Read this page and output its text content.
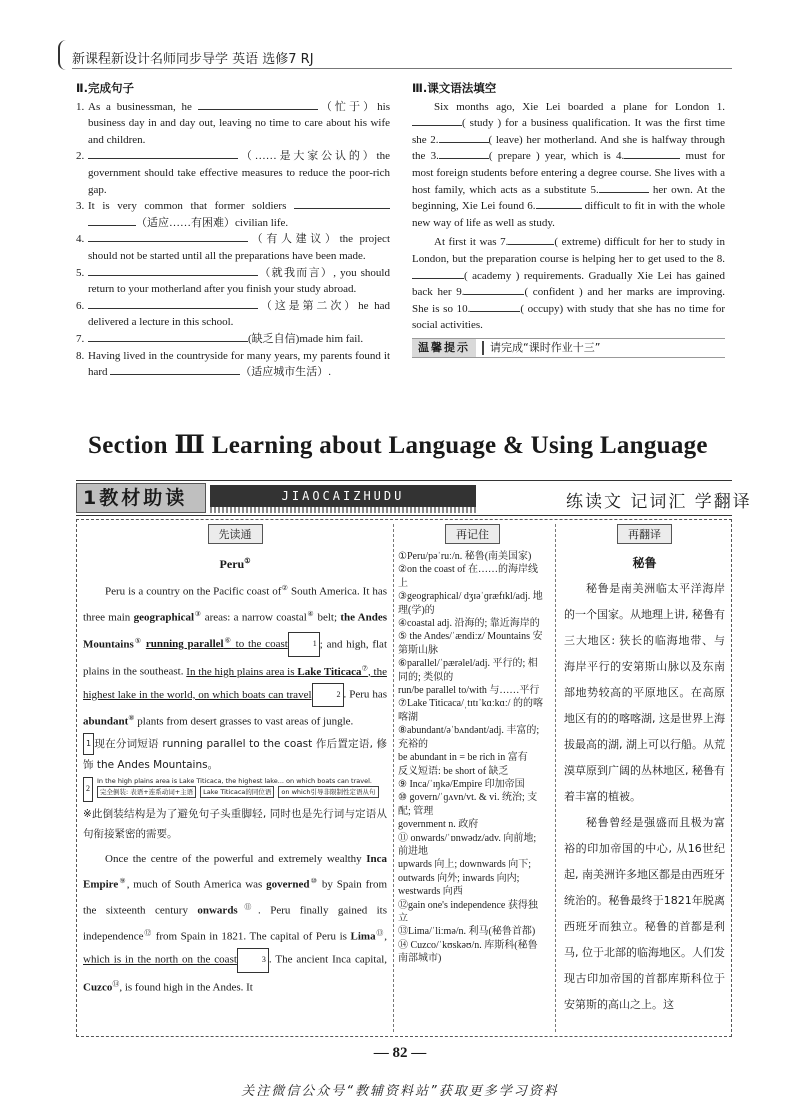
新课程新设计名师同步导学 英语 选修7 RJ
Ⅱ.完成句子
1. As a businessman, he	（忙于）his business day in and day out, leaving no time to care about his wife and children.
2.	（……是大家公认的）the government should take effective measures to reduce the poor-rich gap.
3. It is very common that former soldiers  （适应……有困难）civilian life.
4.	（有人建议）the project should not be started until all the preparations have been made.
5.	（就我而言）, you should return to your motherland after you finish your study abroad.
6.	（这是第二次）he had delivered a lecture in this school.
7.	(缺乏自信)made him fail.
8. Having lived in the countryside for many years, my parents found it hard	（适应城市生活）.
Ⅲ.课文语法填空

Six months ago, Xie Lei boarded a plane for London 1.( study ) for a business qualification. It was the first time she 2.	( leave) her motherland. And she is halfway through the 3.	( prepare ) year, which is 4.	must for most foreign students before entering a degree course. She lives with a host family, which acts as a substitute 5.	her own. At the beginning, Xie Lei found 6.	difficult to fit in with the whole new way of life as well as study.

At first it was 7.	( extreme) difficult for her to study in London, but the preparation course is helping her to get used to the 8.( academy ) requirements. Gradually Xie Lei has gained back her 9.	( confident ) and her marks are improving. She is so 10.	( occupy) with study that she has no time for social activities.

温馨提示	请完成“课时作业十三”
Section Ⅲ Learning about Language & Using Language
1教材助读	JIAOCAIZHUDU	练读文 记词汇 学翻译
先读通

Peru①

Peru is a country on the Pacific coast of② South America. It has three main geographical③ areas: a narrow coastal④ belt; the Andes Mountains⑤ running parallel⑥ to the coast	1 ; and high, flat plains in the southeast. In the high plains area is Lake Titicaca⑦, the highest lake in the world, on which boats can travel	2 . Peru has abundant⑧ plants from desert grasses to vast areas of jungle.

1 现在分词短语 running parallel to the coast 作后置定语, 修饰 the Andes Mountains。
2
In the high plains area is Lake Titicaca, the highest lake... on which boats can travel.
完全倒装: 表语+连系动词+主语	Lake Titicaca的同位语	on which引导非限制性定语从句
※此倒装结构是为了避免句子头重脚轻, 同时也是先行词与定语从句衔接紧密的需要。

Once the centre of the powerful and extremely wealthy Inca Empire⑨, much of South America was governed⑩ by Spain from the sixteenth century onwards⑪. Peru finally gained its independence⑫ from Spain in 1821. The capital of Peru is Lima⑬, which is in the north on the coast	3 . The ancient Inca capital, Cuzco⑭, is found high in the Andes. It

再记住
①Peru/pəˈruː/n. 秘鲁(南美国家)
②on the coast of 在……的海岸线上
③geographical/ dʒɪəˈɡræfɪkl/adj. 地理(学)的
④coastal adj. 沿海的; 靠近海岸的
⑤ the Andes/ˈændiːz/ Mountains 安第斯山脉
⑥parallel/ˈpærəlel/adj. 平行的; 相同的; 类似的
run/be parallel to/with 与……平行
⑦Lake Titicaca/ˌtɪtɪˈkɑːkɑː/ 的的喀喀湖
⑧abundant/əˈbʌndənt/adj. 丰富的; 充裕的
be abundant in = be rich in 富有
反义短语: be short of 缺乏
⑨ Inca/ˈɪŋkə/Empire 印加帝国
⑩ govern/ˈɡʌvn/vt. & vi. 统治; 支配; 管理
government n. 政府
⑪ onwards/ˈɒnwədz/adv. 向前地; 前进地
upwards 向上; downwards 向下; outwards 向外; inwards 向内; westwards 向西
⑫gain one's independence 获得独立
⑬Lima/ˈliːmə/n. 利马(秘鲁首都)
⑭ Cuzco/ˈkʊskəʊ/n. 库斯科(秘鲁南部城市)
再翻译
秘鲁

秘鲁是南美洲临太平洋海岸的一个国家。从地理上讲, 秘鲁有三大地区: 狭长的临海地带、与海岸平行的安第斯山脉以及东南部地势较高的平原地区。在高原地区有的的喀喀湖, 这是世界上海拔最高的湖, 湖上可以行船。从荒漠草原到广阔的丛林地区, 秘鲁有着丰富的植被。

秘鲁曾经是强盛而且极为富裕的印加帝国的中心, 从16世纪起, 南美洲许多地区都是由西班牙统治的。秘鲁最终于1821年脱离西班牙而独立。秘鲁的首都是利马, 位于北部的临海地区。人们发现古印加帝国的首都库斯科位于安第斯的高山之上。这

— 82 —
关注微信公众号“教辅资料站”获取更多学习资料
